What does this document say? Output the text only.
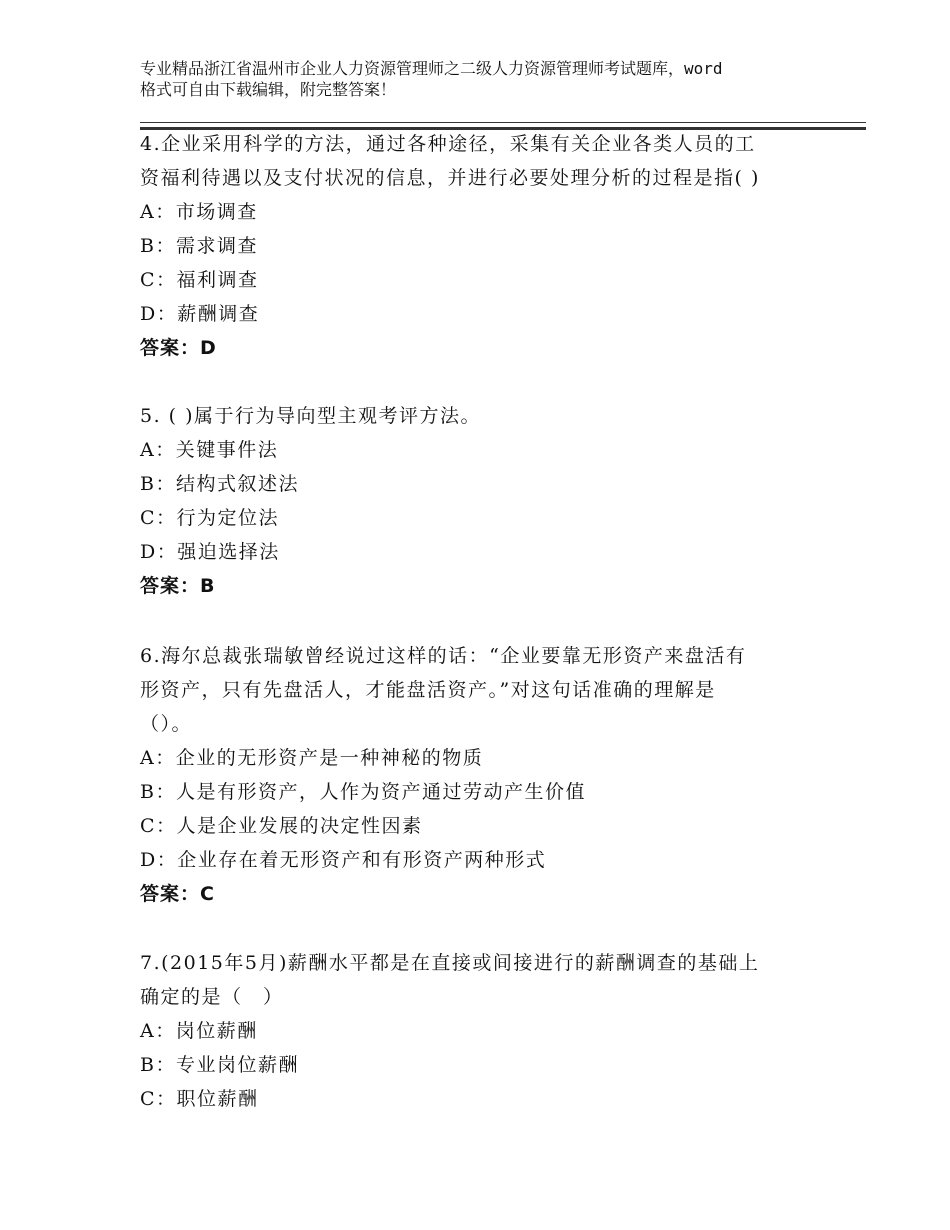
专业精品浙江省温州市企业人力资源管理师之二级人力资源管理师考试题库，word
格式可自由下载编辑，附完整答案！
4.企业采用科学的方法，通过各种途径，采集有关企业各类人员的工
资福利待遇以及支付状况的信息，并进行必要处理分析的过程是指( )
A：市场调查
B：需求调查
C：福利调查
D：薪酬调查
答案：D
5. ( )属于行为导向型主观考评方法。
A：关键事件法
B：结构式叙述法
C：行为定位法
D：强迫选择法
答案：B
6.海尔总裁张瑞敏曾经说过这样的话：“企业要靠无形资产来盘活有
形资产，只有先盘活人，才能盘活资产。”对这句话准确的理解是
（）。
A：企业的无形资产是一种神秘的物质
B：人是有形资产，人作为资产通过劳动产生价值
C：人是企业发展的决定性因素
D：企业存在着无形资产和有形资产两种形式
答案：C
7.(2015年5月)薪酬水平都是在直接或间接进行的薪酬调查的基础上
确定的是（　）
A：岗位薪酬
B：专业岗位薪酬
C：职位薪酬
